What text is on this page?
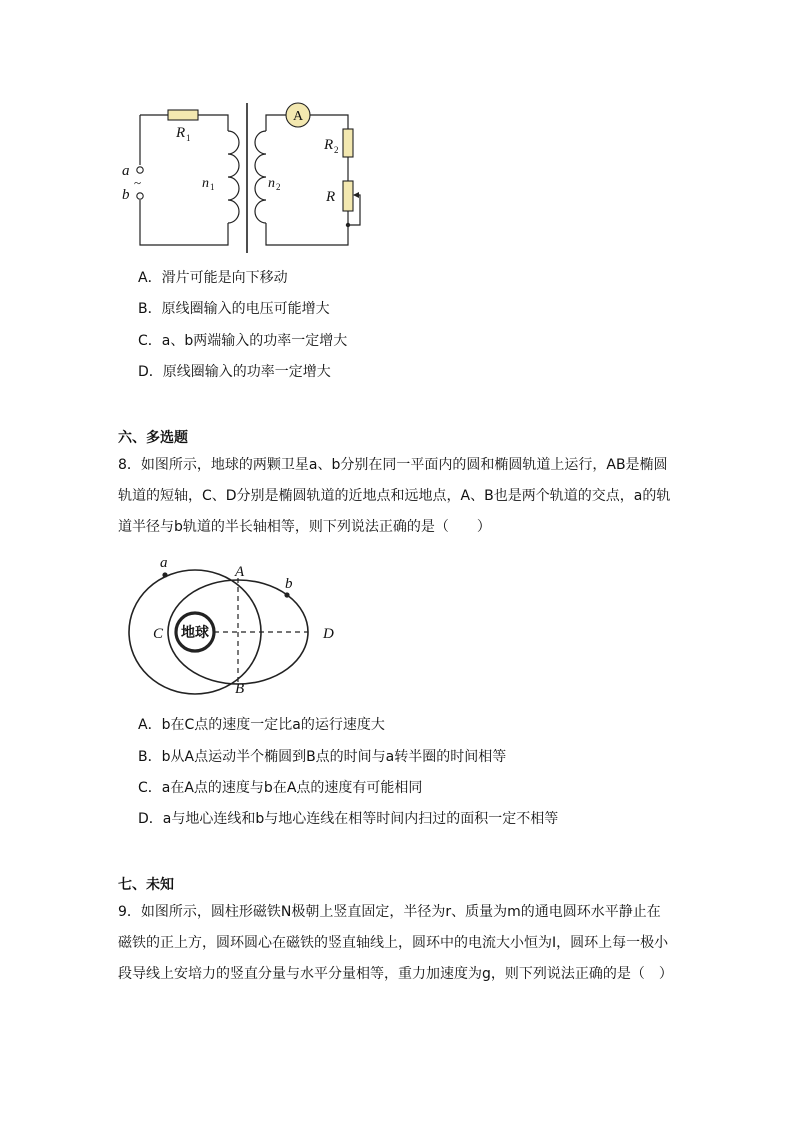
A
a
~
b
R 1
n 1	n 2
R 2
R
A．滑片可能是向下移动
B．原线圈输入的电压可能增大
C．a、b两端输入的功率一定增大
D．原线圈输入的功率一定增大
六、多选题
8．如图所示，地球的两颗卫星a、b分别在同一平面内的圆和椭圆轨道上运行，AB是椭圆
轨道的短轴，C、D分别是椭圆轨道的近地点和远地点，A、B也是两个轨道的交点，a的轨
道半径与b轨道的半长轴相等，则下列说法正确的是（　　）
地球
a
b
A
B
C	D
A．b在C点的速度一定比a的运行速度大
B．b从A点运动半个椭圆到B点的时间与a转半圈的时间相等
C．a在A点的速度与b在A点的速度有可能相同
D．a与地心连线和b与地心连线在相等时间内扫过的面积一定不相等
七、未知
9．如图所示，圆柱形磁铁N极朝上竖直固定，半径为r、质量为m的通电圆环水平静止在
磁铁的正上方，圆环圆心在磁铁的竖直轴线上，圆环中的电流大小恒为I，圆环上每一极小
段导线上安培力的竖直分量与水平分量相等，重力加速度为g，则下列说法正确的是（　）
